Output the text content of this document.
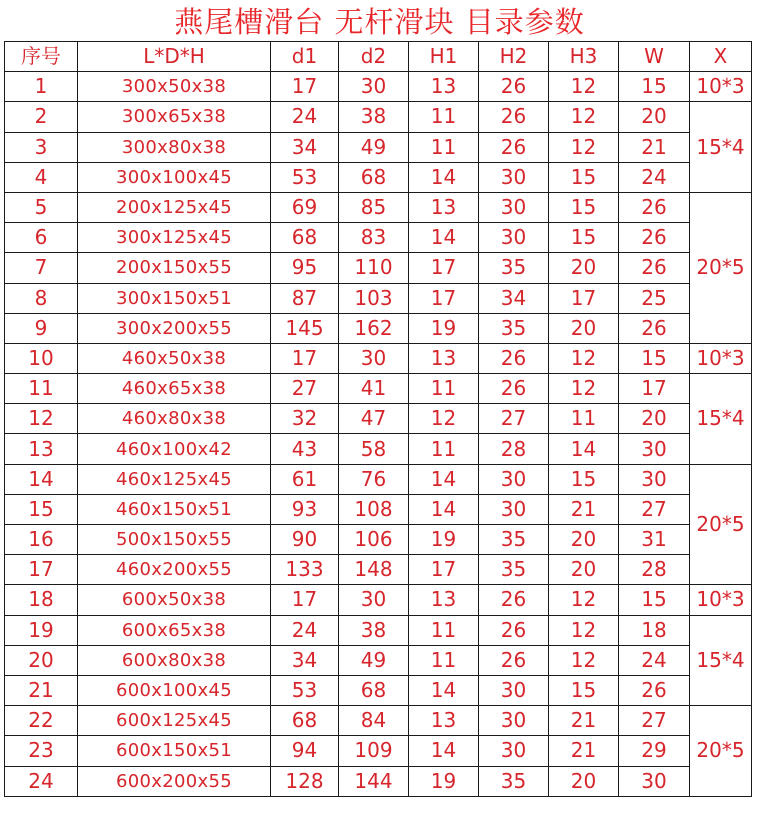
燕尾槽滑台 无杆滑块 目录参数
序号	L*D*H	d1	d2	H1	H2	H3	W	X
1	300x50x38	17	30	13	26	12	15	10*3
2	300x65x38	24	38	11	26	12	20	15*4
3	300x80x38	34	49	11	26	12	21	
4	300x100x45	53	68	14	30	15	24	
5	200x125x45	69	85	13	30	15	26	20*5
6	300x125x45	68	83	14	30	15	26	
7	200x150x55	95	110	17	35	20	26	
8	300x150x51	87	103	17	34	17	25	
9	300x200x55	145	162	19	35	20	26	
10	460x50x38	17	30	13	26	12	15	10*3
11	460x65x38	27	41	11	26	12	17	15*4
12	460x80x38	32	47	12	27	11	20	
13	460x100x42	43	58	11	28	14	30	
14	460x125x45	61	76	14	30	15	30	20*5
15	460x150x51	93	108	14	30	21	27	
16	500x150x55	90	106	19	35	20	31	
17	460x200x55	133	148	17	35	20	28	
18	600x50x38	17	30	13	26	12	15	10*3
19	600x65x38	24	38	11	26	12	18	15*4
20	600x80x38	34	49	11	26	12	24	
21	600x100x45	53	68	14	30	15	26	
22	600x125x45	68	84	13	30	21	27	20*5
23	600x150x51	94	109	14	30	21	29	
24	600x200x55	128	144	19	35	20	30	
